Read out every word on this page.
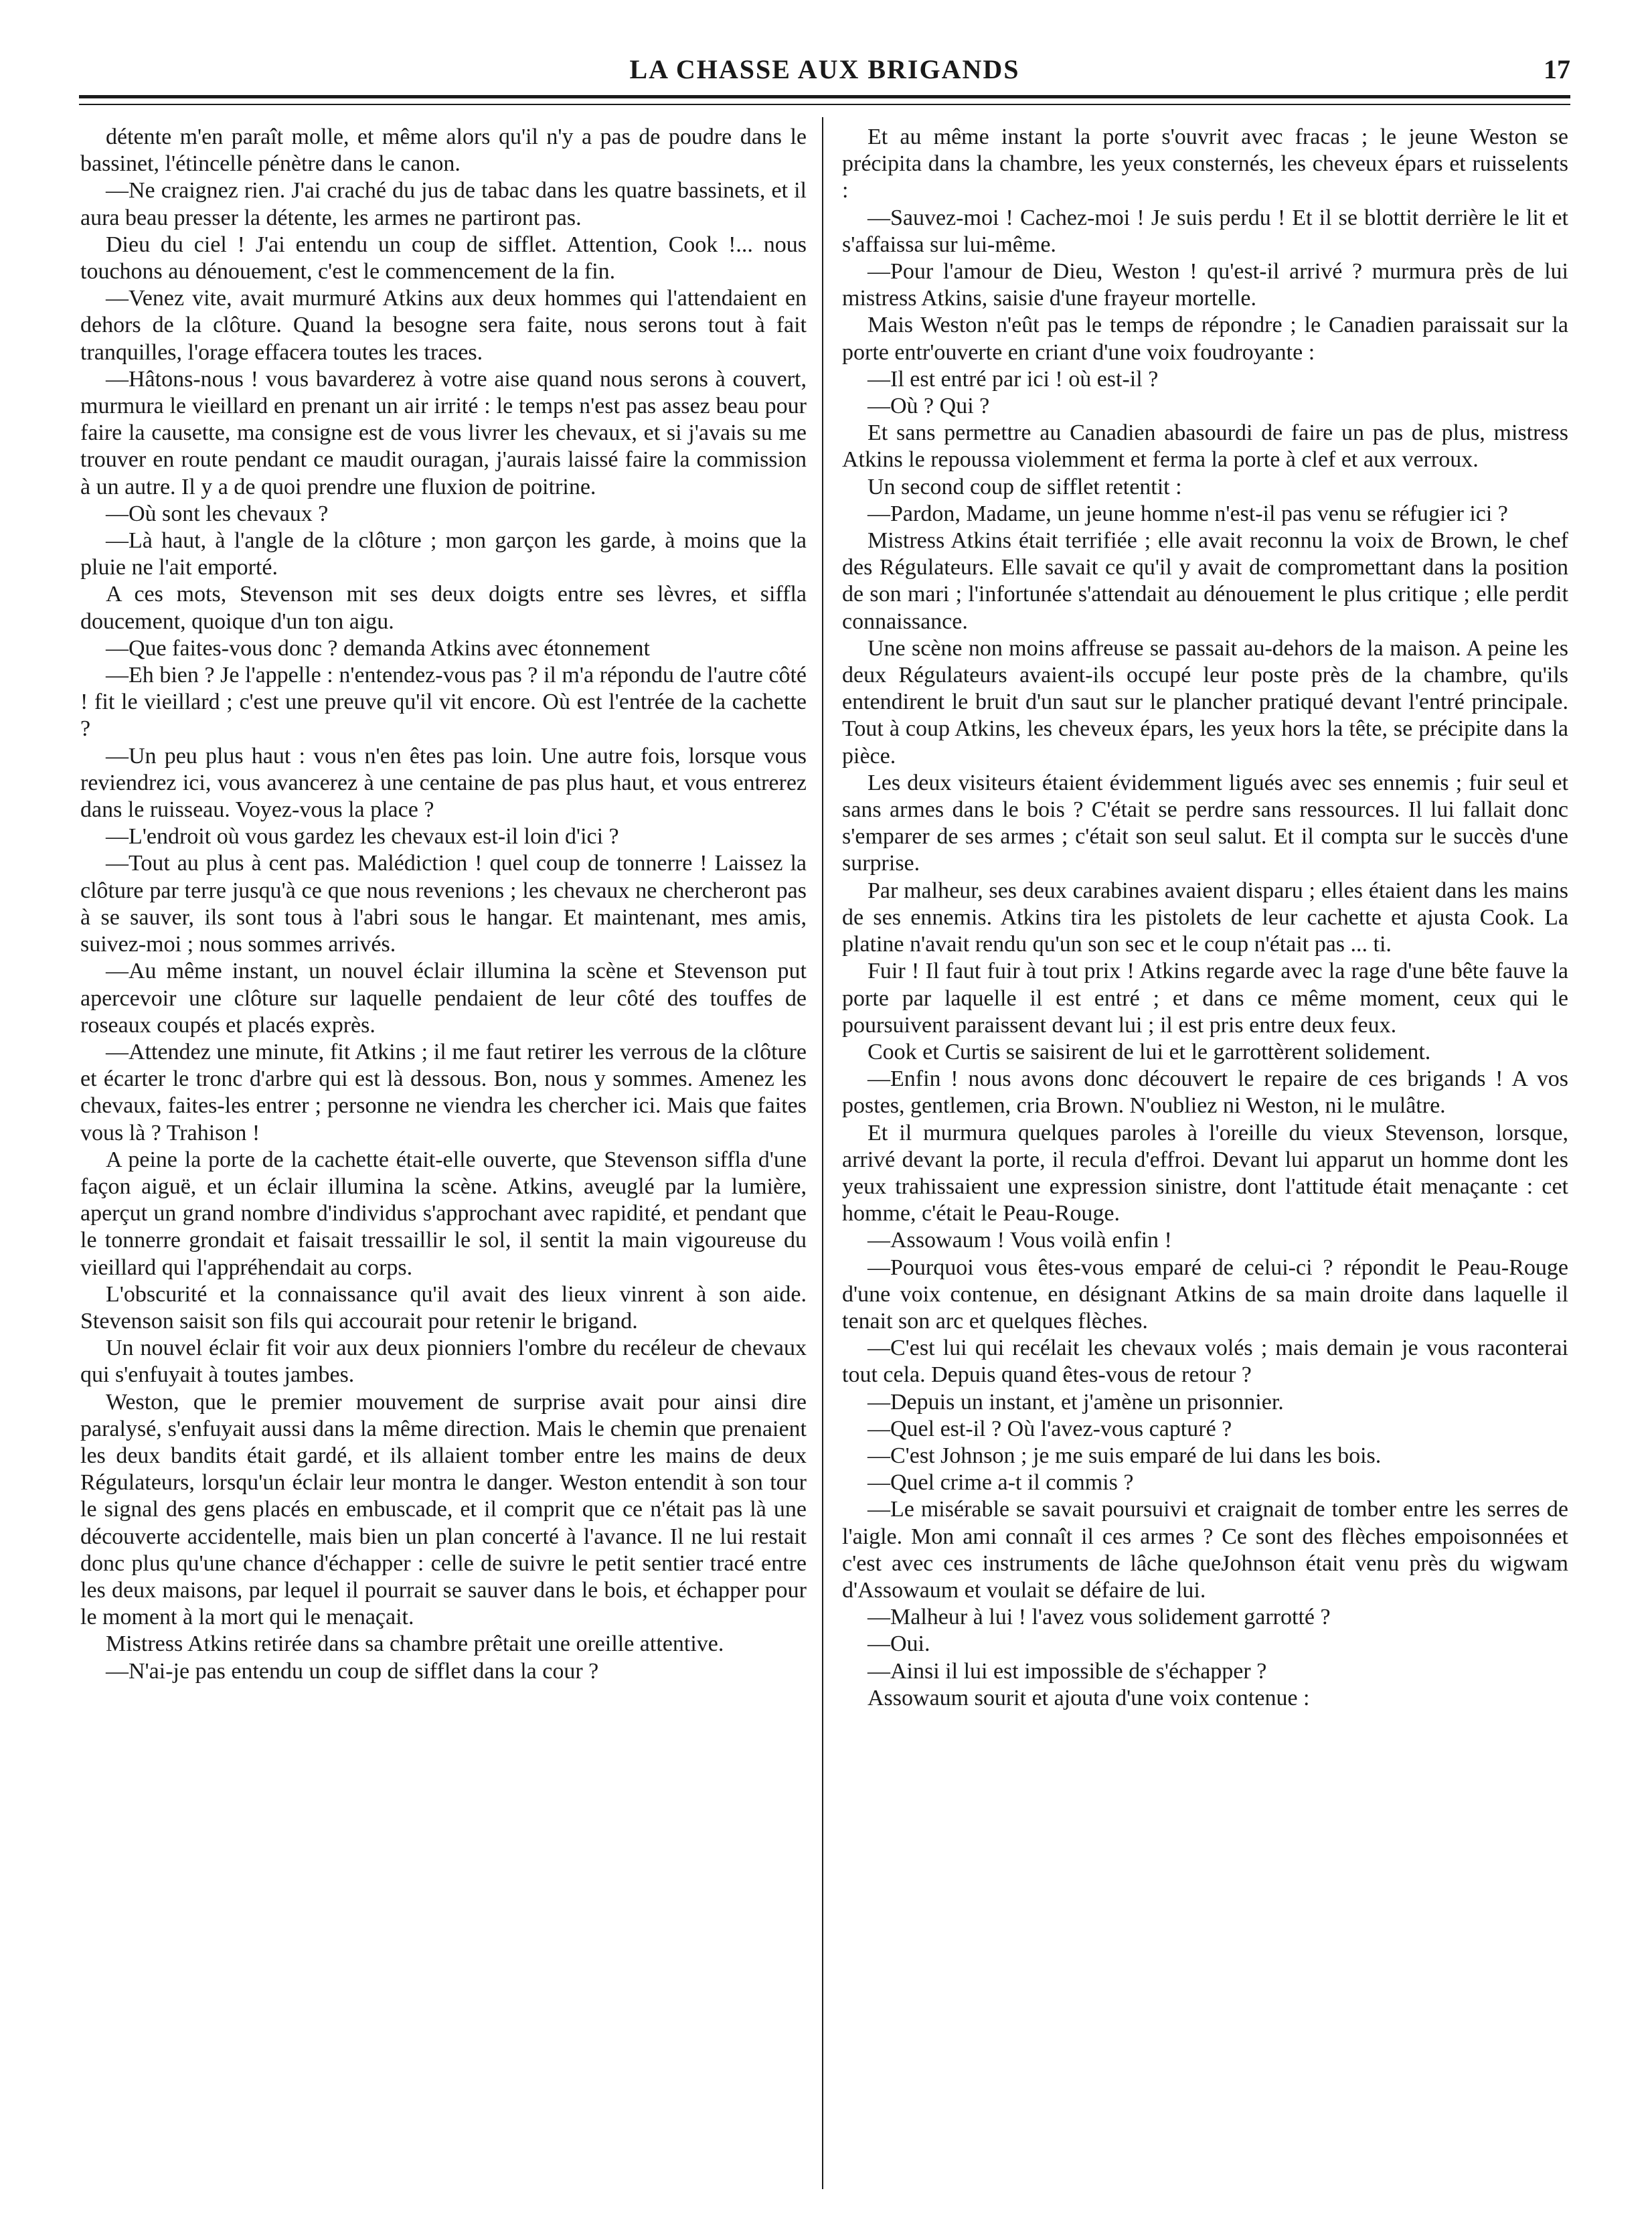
LA CHASSE AUX BRIGANDS	17

détente m'en paraît molle, et même alors qu'il n'y a pas de poudre dans le bassinet, l'étincelle pénètre dans le canon.

—Ne craignez rien. J'ai craché du jus de tabac dans les quatre bassinets, et il aura beau presser la détente, les armes ne partiront pas.

Dieu du ciel ! J'ai entendu un coup de sifflet. Attention, Cook !... nous touchons au dénouement, c'est le commencement de la fin.

—Venez vite, avait murmuré Atkins aux deux hommes qui l'attendaient en dehors de la clôture. Quand la besogne sera faite, nous serons tout à fait tranquilles, l'orage effacera toutes les traces.

—Hâtons-nous ! vous bavarderez à votre aise quand nous serons à couvert, murmura le vieillard en prenant un air irrité : le temps n'est pas assez beau pour faire la causette, ma consigne est de vous livrer les chevaux, et si j'avais su me trouver en route pendant ce maudit ouragan, j'aurais laissé faire la commission à un autre. Il y a de quoi prendre une fluxion de poitrine.

—Où sont les chevaux ?

—Là haut, à l'angle de la clôture ; mon garçon les garde, à moins que la pluie ne l'ait emporté.

A ces mots, Stevenson mit ses deux doigts entre ses lèvres, et siffla doucement, quoique d'un ton aigu.

—Que faites-vous donc ? demanda Atkins avec étonnement

—Eh bien ? Je l'appelle : n'entendez-vous pas ? il m'a répondu de l'autre côté ! fit le vieillard ; c'est une preuve qu'il vit encore. Où est l'entrée de la cachette ?

—Un peu plus haut : vous n'en êtes pas loin. Une autre fois, lorsque vous reviendrez ici, vous avancerez à une centaine de pas plus haut, et vous entrerez dans le ruisseau. Voyez-vous la place ?

—L'endroit où vous gardez les chevaux est-il loin d'ici ?

—Tout au plus à cent pas. Malédiction ! quel coup de tonnerre ! Laissez la clôture par terre jusqu'à ce que nous revenions ; les chevaux ne chercheront pas à se sauver, ils sont tous à l'abri sous le hangar. Et maintenant, mes amis, suivez-moi ; nous sommes arrivés.

—Au même instant, un nouvel éclair illumina la scène et Stevenson put apercevoir une clôture sur laquelle pendaient de leur côté des touffes de roseaux coupés et placés exprès.

—Attendez une minute, fit Atkins ; il me faut retirer les verrous de la clôture et écarter le tronc d'arbre qui est là dessous. Bon, nous y sommes. Amenez les chevaux, faites-les entrer ; personne ne viendra les chercher ici. Mais que faites vous là ? Trahison !

A peine la porte de la cachette était-elle ouverte, que Stevenson siffla d'une façon aiguë, et un éclair illumina la scène. Atkins, aveuglé par la lumière, aperçut un grand nombre d'individus s'approchant avec rapidité, et pendant que le tonnerre grondait et faisait tressaillir le sol, il sentit la main vigoureuse du vieillard qui l'appréhendait au corps.

L'obscurité et la connaissance qu'il avait des lieux vinrent à son aide. Stevenson saisit son fils qui accourait pour retenir le brigand.

Un nouvel éclair fit voir aux deux pionniers l'ombre du recéleur de chevaux qui s'enfuyait à toutes jambes.

Weston, que le premier mouvement de surprise avait pour ainsi dire paralysé, s'enfuyait aussi dans la même direction. Mais le chemin que prenaient les deux bandits était gardé, et ils allaient tomber entre les mains de deux Régulateurs, lorsqu'un éclair leur montra le danger. Weston entendit à son tour le signal des gens placés en embuscade, et il comprit que ce n'était pas là une découverte accidentelle, mais bien un plan concerté à l'avance. Il ne lui restait donc plus qu'une chance d'échapper : celle de suivre le petit sentier tracé entre les deux maisons, par lequel il pourrait se sauver dans le bois, et échapper pour le moment à la mort qui le menaçait.

Mistress Atkins retirée dans sa chambre prêtait une oreille attentive.

—N'ai-je pas entendu un coup de sifflet dans la cour ?

Et au même instant la porte s'ouvrit avec fracas ; le jeune Weston se précipita dans la chambre, les yeux consternés, les cheveux épars et ruisselents :

—Sauvez-moi ! Cachez-moi ! Je suis perdu ! Et il se blottit derrière le lit et s'affaissa sur lui-même.

—Pour l'amour de Dieu, Weston ! qu'est-il arrivé ? murmura près de lui mistress Atkins, saisie d'une frayeur mortelle.

Mais Weston n'eût pas le temps de répondre ; le Canadien paraissait sur la porte entr'ouverte en criant d'une voix foudroyante :

—Il est entré par ici ! où est-il ?

—Où ? Qui ?

Et sans permettre au Canadien abasourdi de faire un pas de plus, mistress Atkins le repoussa violemment et ferma la porte à clef et aux verroux.

Un second coup de sifflet retentit :

—Pardon, Madame, un jeune homme n'est-il pas venu se réfugier ici ?

Mistress Atkins était terrifiée ; elle avait reconnu la voix de Brown, le chef des Régulateurs. Elle savait ce qu'il y avait de compromettant dans la position de son mari ; l'infortunée s'attendait au dénouement le plus critique ; elle perdit connaissance.

Une scène non moins affreuse se passait au-dehors de la maison. A peine les deux Régulateurs avaient-ils occupé leur poste près de la chambre, qu'ils entendirent le bruit d'un saut sur le plancher pratiqué devant l'entré principale. Tout à coup Atkins, les cheveux épars, les yeux hors la tête, se précipite dans la pièce.

Les deux visiteurs étaient évidemment ligués avec ses ennemis ; fuir seul et sans armes dans le bois ? C'était se perdre sans ressources. Il lui fallait donc s'emparer de ses armes ; c'était son seul salut. Et il compta sur le succès d'une surprise.

Par malheur, ses deux carabines avaient disparu ; elles étaient dans les mains de ses ennemis. Atkins tira les pistolets de leur cachette et ajusta Cook. La platine n'avait rendu qu'un son sec et le coup n'était pas ... ti.

Fuir ! Il faut fuir à tout prix ! Atkins regarde avec la rage d'une bête fauve la porte par laquelle il est entré ; et dans ce même moment, ceux qui le poursuivent paraissent devant lui ; il est pris entre deux feux.

Cook et Curtis se saisirent de lui et le garrottèrent solidement.

—Enfin ! nous avons donc découvert le repaire de ces brigands ! A vos postes, gentlemen, cria Brown. N'oubliez ni Weston, ni le mulâtre.

Et il murmura quelques paroles à l'oreille du vieux Stevenson, lorsque, arrivé devant la porte, il recula d'effroi. Devant lui apparut un homme dont les yeux trahissaient une expression sinistre, dont l'attitude était menaçante : cet homme, c'était le Peau-Rouge.

—Assowaum ! Vous voilà enfin !

—Pourquoi vous êtes-vous emparé de celui-ci ? répondit le Peau-Rouge d'une voix contenue, en désignant Atkins de sa main droite dans laquelle il tenait son arc et quelques flèches.

—C'est lui qui recélait les chevaux volés ; mais demain je vous raconterai tout cela. Depuis quand êtes-vous de retour ?

—Depuis un instant, et j'amène un prisonnier.

—Quel est-il ? Où l'avez-vous capturé ?

—C'est Johnson ; je me suis emparé de lui dans les bois.

—Quel crime a-t il commis ?

—Le misérable se savait poursuivi et craignait de tomber entre les serres de l'aigle. Mon ami connaît il ces armes ? Ce sont des flèches empoisonnées et c'est avec ces instruments de lâche queJohnson était venu près du wigwam d'Assowaum et voulait se défaire de lui.

—Malheur à lui ! l'avez vous solidement garrotté ?

—Oui.

—Ainsi il lui est impossible de s'échapper ?

Assowaum sourit et ajouta d'une voix contenue :
